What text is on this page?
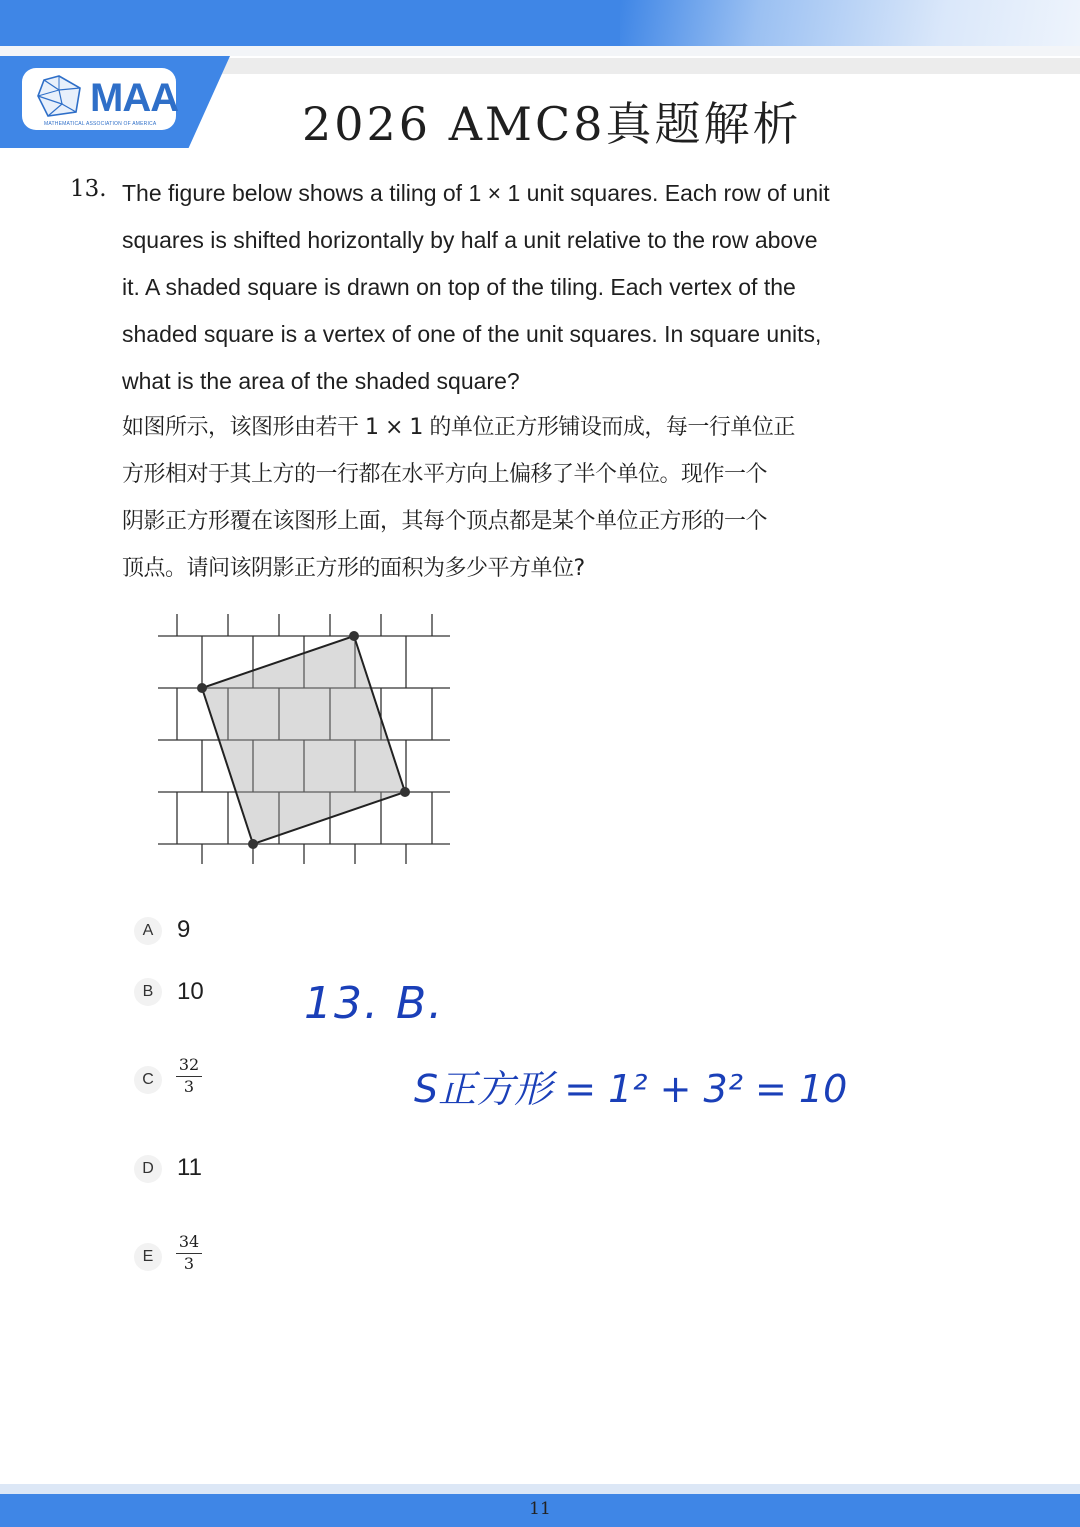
MAA
MATHEMATICAL ASSOCIATION OF AMERICA	2026 AMC8真题解析
13. The figure below shows a tiling of 1 × 1 unit squares. Each row of unit
squares is shifted horizontally by half a unit relative to the row above
it. A shaded square is drawn on top of the tiling. Each vertex of the
shaded square is a vertex of one of the unit squares. In square units,
what is the area of the shaded square?
如图所示，该图形由若干 1 × 1 的单位正方形铺设而成，每一行单位正
方形相对于其上方的一行都在水平方向上偏移了半个单位。现作一个
阴影正方形覆在该图形上面，其每个顶点都是某个单位正方形的一个
顶点。请问该阴影正方形的面积为多少平方单位?
A 9
B 10
C	$\frac{32}{3}$
D 11
E	$\frac{34}{3}$
13. B.
S正方形 = 1² + 3² = 10
11
